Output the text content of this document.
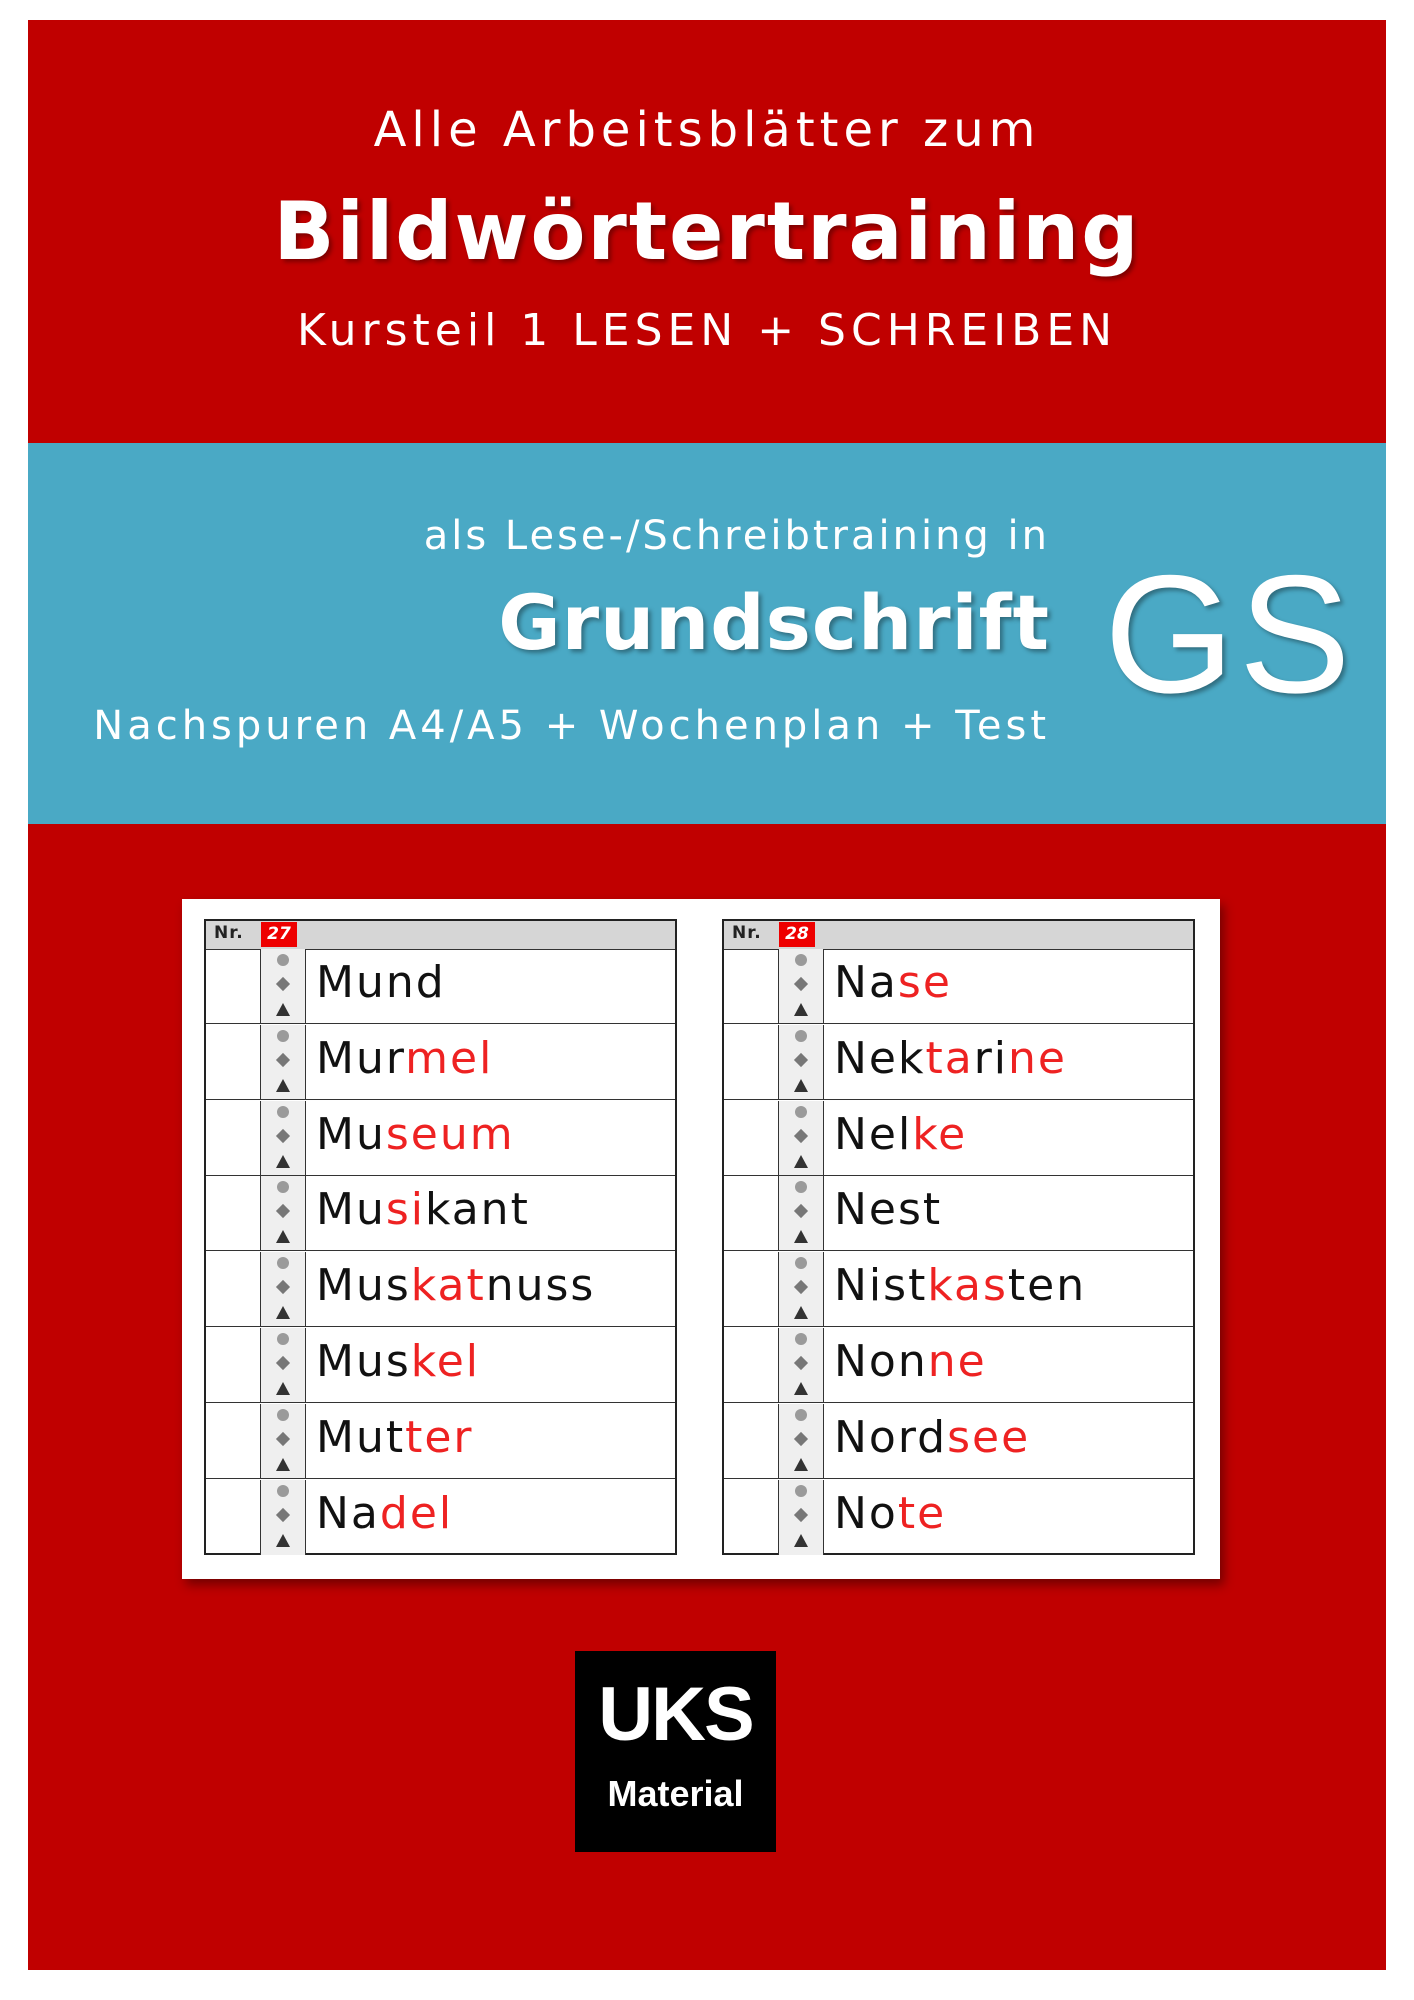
Alle Arbeitsblätter zum
Bildwörtertraining
Kursteil 1 LESEN + SCHREIBEN
als Lese-/Schreibtraining in
Grundschrift
Nachspuren A4/A5 + Wochenplan + Test GS
Nr.	27
Mund
Murmel
Museum
Musikant
Muskatnuss
Muskel
Mutter
Nadel
Nr.	28
Nase
Nektarine
Nelke
Nest
Nistkasten
Nonne
Nordsee
Note
UKS
Material
